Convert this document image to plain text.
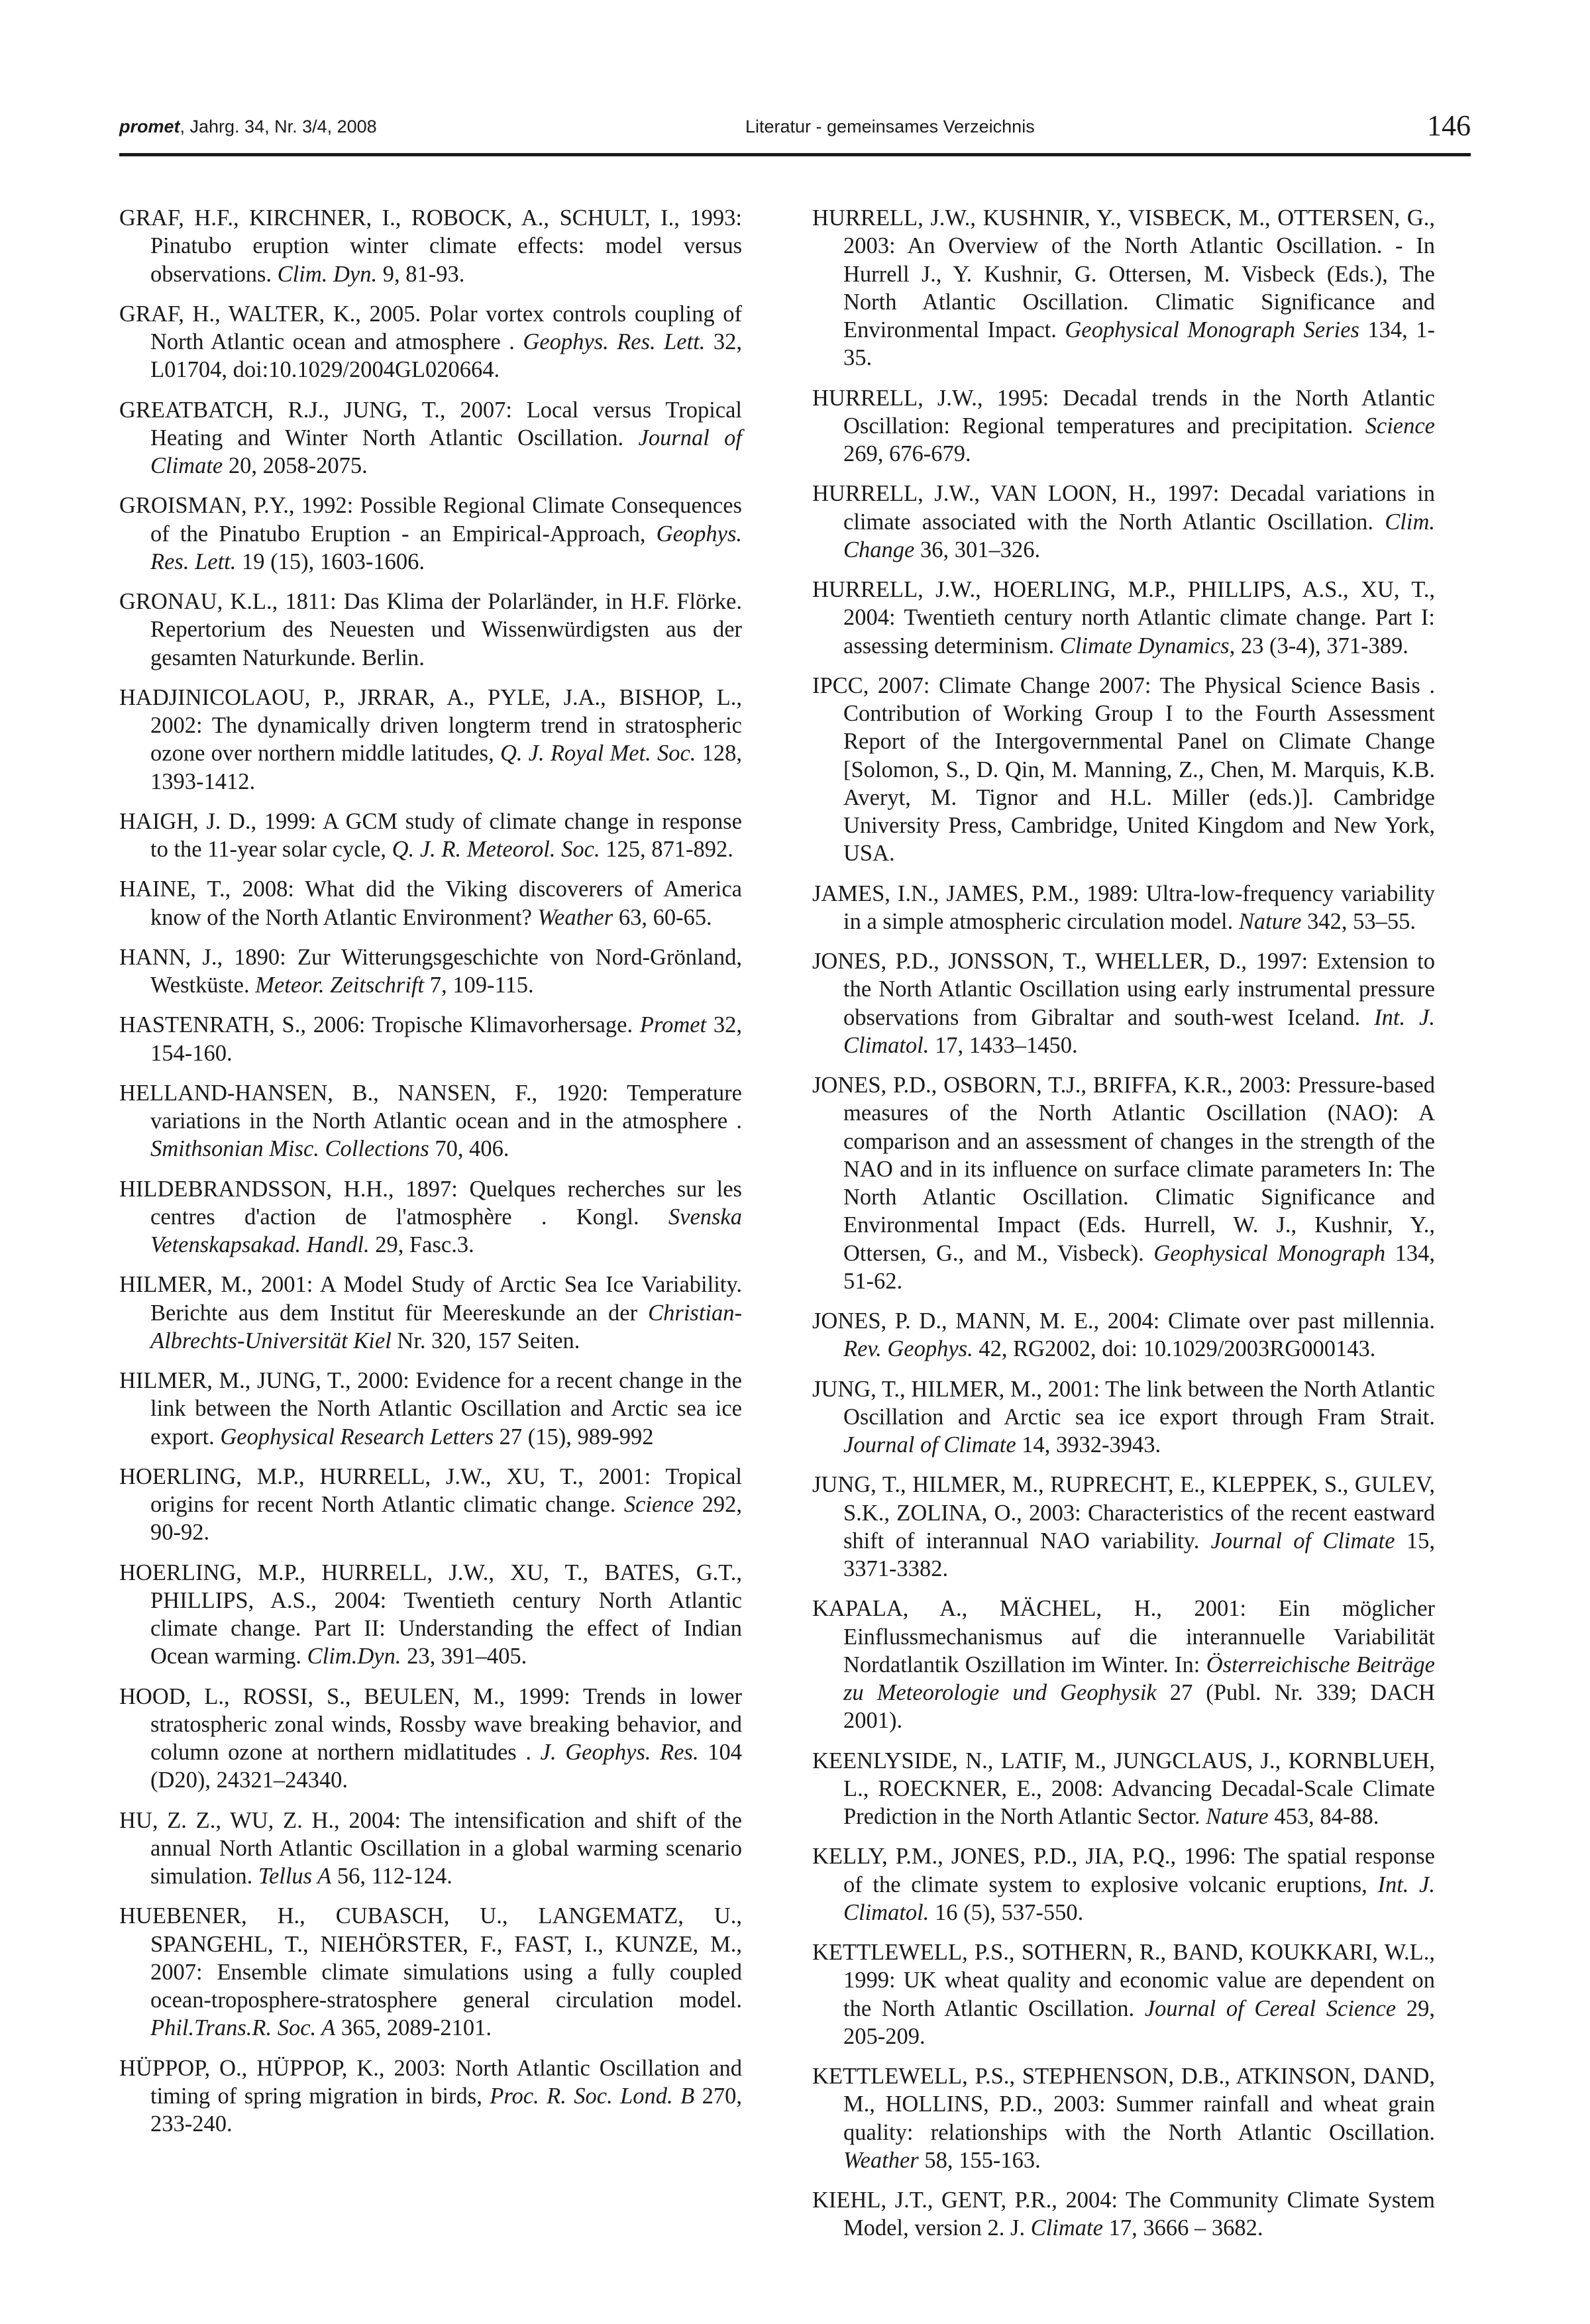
promet, Jahrg. 34, Nr. 3/4, 2008	Literatur - gemeinsames Verzeichnis	146

GRAF, H.F., KIRCHNER, I., ROBOCK, A., SCHULT, I., 1993: Pinatubo eruption winter climate effects: model versus observations. Clim. Dyn. 9, 81-93.

GRAF, H., WALTER, K., 2005. Polar vortex controls coupling of North Atlantic ocean and atmosphere . Geophys. Res. Lett. 32, L01704, doi:10.1029/2004GL020664.

GREATBATCH, R.J., JUNG, T., 2007: Local versus Tropical Heating and Winter North Atlantic Oscillation. Journal of Climate 20, 2058-2075.

GROISMAN, P.Y., 1992: Possible Regional Climate Consequences of the Pinatubo Eruption - an Empirical-Approach, Geophys. Res. Lett. 19 (15), 1603-1606.

GRONAU, K.L., 1811: Das Klima der Polarländer, in H.F. Flörke. Repertorium des Neuesten und Wissenwürdigsten aus der gesamten Naturkunde. Berlin.

HADJINICOLAOU, P., JRRAR, A., PYLE, J.A., BISHOP, L., 2002: The dynamically driven longterm trend in stratospheric ozone over northern middle latitudes, Q. J. Royal Met. Soc. 128, 1393-1412.

HAIGH, J. D., 1999: A GCM study of climate change in response to the 11-year solar cycle, Q. J. R. Meteorol. Soc. 125, 871-892.

HAINE, T., 2008: What did the Viking discoverers of America know of the North Atlantic Environment? Weather 63, 60-65.

HANN, J., 1890: Zur Witterungsgeschichte von Nord-Grönland, Westküste. Meteor. Zeitschrift 7, 109-115.

HASTENRATH, S., 2006: Tropische Klimavorhersage. Promet 32, 154-160.

HELLAND-HANSEN, B., NANSEN, F., 1920: Temperature variations in the North Atlantic ocean and in the atmosphere . Smithsonian Misc. Collections 70, 406.

HILDEBRANDSSON, H.H., 1897: Quelques recherches sur les centres d'action de l'atmosphère . Kongl. Svenska Vetenskapsakad. Handl. 29, Fasc.3.

HILMER, M., 2001: A Model Study of Arctic Sea Ice Variability. Berichte aus dem Institut für Meereskunde an der Christian-Albrechts-Universität Kiel Nr. 320, 157 Seiten.

HILMER, M., JUNG, T., 2000: Evidence for a recent change in the link between the North Atlantic Oscillation and Arctic sea ice export. Geophysical Research Letters 27 (15), 989-992

HOERLING, M.P., HURRELL, J.W., XU, T., 2001: Tropical origins for recent North Atlantic climatic change. Science 292, 90-92.

HOERLING, M.P., HURRELL, J.W., XU, T., BATES, G.T., PHILLIPS, A.S., 2004: Twentieth century North Atlantic climate change. Part II: Understanding the effect of Indian Ocean warming. Clim.Dyn. 23, 391–405.

HOOD, L., ROSSI, S., BEULEN, M., 1999: Trends in lower stratospheric zonal winds, Rossby wave breaking behavior, and column ozone at northern midlatitudes . J. Geophys. Res. 104 (D20), 24321–24340.

HU, Z. Z., WU, Z. H., 2004: The intensification and shift of the annual North Atlantic Oscillation in a global warming scenario simulation. Tellus A 56, 112-124.

HUEBENER, H., CUBASCH, U., LANGEMATZ, U., SPANGEHL, T., NIEHÖRSTER, F., FAST, I., KUNZE, M., 2007: Ensemble climate simulations using a fully coupled ocean-troposphere-stratosphere general circulation model. Phil.Trans.R. Soc. A 365, 2089-2101.

HÜPPOP, O., HÜPPOP, K., 2003: North Atlantic Oscillation and timing of spring migration in birds, Proc. R. Soc. Lond. B 270, 233-240.

HURRELL, J.W., KUSHNIR, Y., VISBECK, M., OTTERSEN, G., 2003: An Overview of the North Atlantic Oscillation. - In Hurrell J., Y. Kushnir, G. Ottersen, M. Visbeck (Eds.), The North Atlantic Oscillation. Climatic Significance and Environmental Impact. Geophysical Monograph Series 134, 1-35.

HURRELL, J.W., 1995: Decadal trends in the North Atlantic Oscillation: Regional temperatures and precipitation. Science 269, 676-679.

HURRELL, J.W., VAN LOON, H., 1997: Decadal variations in climate associated with the North Atlantic Oscillation. Clim. Change 36, 301–326.

HURRELL, J.W., HOERLING, M.P., PHILLIPS, A.S., XU, T., 2004: Twentieth century north Atlantic climate change. Part I: assessing determinism. Climate Dynamics, 23 (3-4), 371-389.

IPCC, 2007: Climate Change 2007: The Physical Science Basis . Contribution of Working Group I to the Fourth Assessment Report of the Intergovernmental Panel on Climate Change [Solomon, S., D. Qin, M. Manning, Z., Chen, M. Marquis, K.B. Averyt, M. Tignor and H.L. Miller (eds.)]. Cambridge University Press, Cambridge, United Kingdom and New York, USA.

JAMES, I.N., JAMES, P.M., 1989: Ultra-low-frequency variability in a simple atmospheric circulation model. Nature 342, 53–55.

JONES, P.D., JONSSON, T., WHELLER, D., 1997: Extension to the North Atlantic Oscillation using early instrumental pressure observations from Gibraltar and south-west Iceland. Int. J. Climatol. 17, 1433–1450.

JONES, P.D., OSBORN, T.J., BRIFFA, K.R., 2003: Pressure-based measures of the North Atlantic Oscillation (NAO): A comparison and an assessment of changes in the strength of the NAO and in its influence on surface climate parameters In: The North Atlantic Oscillation. Climatic Significance and Environmental Impact (Eds. Hurrell, W. J., Kushnir, Y., Ottersen, G., and M., Visbeck). Geophysical Monograph 134, 51-62.

JONES, P. D., MANN, M. E., 2004: Climate over past millennia. Rev. Geophys. 42, RG2002, doi: 10.1029/2003RG000143.

JUNG, T., HILMER, M., 2001: The link between the North Atlantic Oscillation and Arctic sea ice export through Fram Strait. Journal of Climate 14, 3932-3943.

JUNG, T., HILMER, M., RUPRECHT, E., KLEPPEK, S., GULEV, S.K., ZOLINA, O., 2003: Characteristics of the recent eastward shift of interannual NAO variability. Journal of Climate 15, 3371-3382.

KAPALA, A., MÄCHEL, H., 2001: Ein möglicher Einflussmechanismus auf die interannuelle Variabilität Nordatlantik Oszillation im Winter. In: Österreichische Beiträge zu Meteorologie und Geophysik 27 (Publ. Nr. 339; DACH 2001).

KEENLYSIDE, N., LATIF, M., JUNGCLAUS, J., KORNBLUEH, L., ROECKNER, E., 2008: Advancing Decadal-Scale Climate Prediction in the North Atlantic Sector. Nature 453, 84-88.

KELLY, P.M., JONES, P.D., JIA, P.Q., 1996: The spatial response of the climate system to explosive volcanic eruptions, Int. J. Climatol. 16 (5), 537-550.

KETTLEWELL, P.S., SOTHERN, R., BAND, KOUKKARI, W.L., 1999: UK wheat quality and economic value are dependent on the North Atlantic Oscillation. Journal of Cereal Science 29, 205-209.

KETTLEWELL, P.S., STEPHENSON, D.B., ATKINSON, DAND, M., HOLLINS, P.D., 2003: Summer rainfall and wheat grain quality: relationships with the North Atlantic Oscillation. Weather 58, 155-163.

KIEHL, J.T., GENT, P.R., 2004: The Community Climate System Model, version 2. J. Climate 17, 3666 – 3682.
